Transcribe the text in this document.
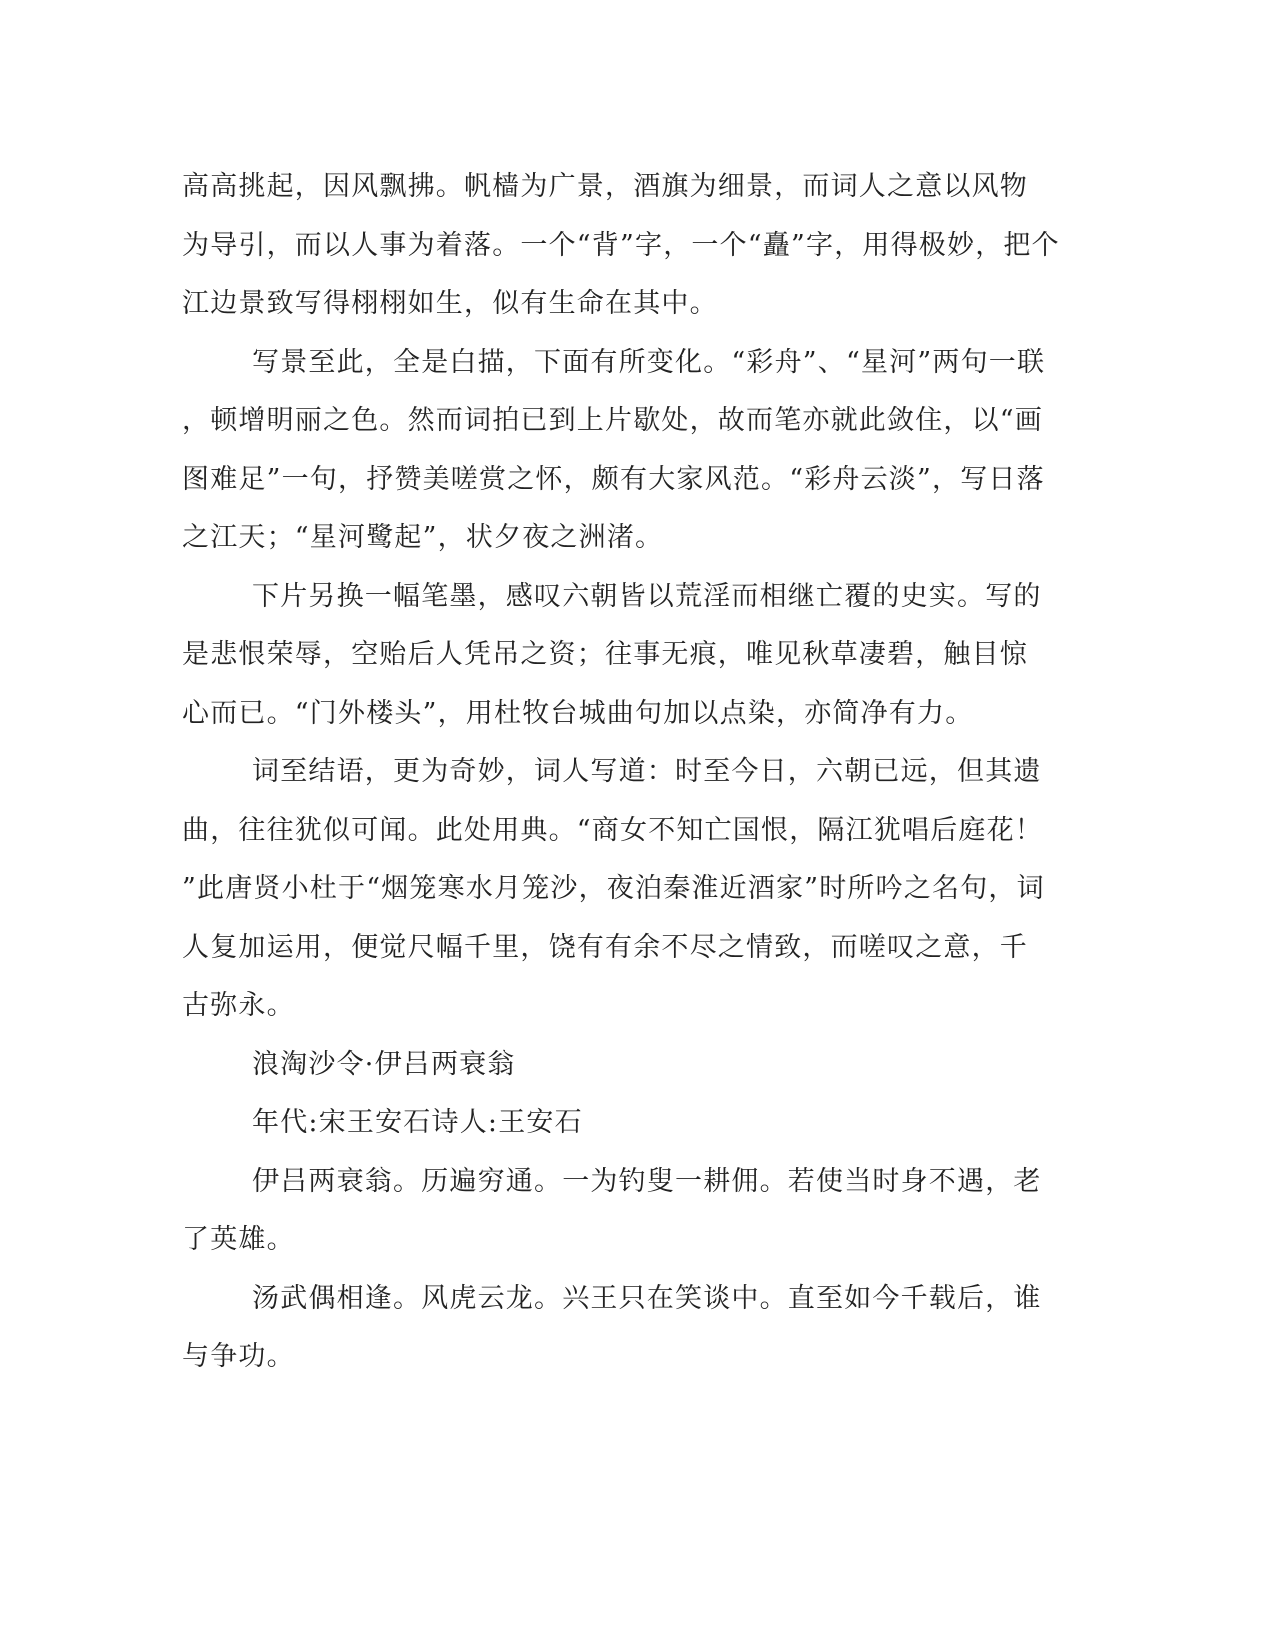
高高挑起，因风飘拂。帆樯为广景，酒旗为细景，而词人之意以风物
为导引，而以人事为着落。一个“背”字，一个“矗”字，用得极妙，把个
江边景致写得栩栩如生，似有生命在其中。
写景至此，全是白描，下面有所变化。“彩舟”、“星河”两句一联
，顿增明丽之色。然而词拍已到上片歇处，故而笔亦就此敛住，以“画
图难足”一句，抒赞美嗟赏之怀，颇有大家风范。“彩舟云淡”，写日落
之江天；“星河鹭起”，状夕夜之洲渚。
下片另换一幅笔墨，感叹六朝皆以荒淫而相继亡覆的史实。写的
是悲恨荣辱，空贻后人凭吊之资；往事无痕，唯见秋草凄碧，触目惊
心而已。“门外楼头”，用杜牧台城曲句加以点染，亦简净有力。
词至结语，更为奇妙，词人写道：时至今日，六朝已远，但其遗
曲，往往犹似可闻。此处用典。“商女不知亡国恨，隔江犹唱后庭花！
”此唐贤小杜于“烟笼寒水月笼沙，夜泊秦淮近酒家”时所吟之名句，词
人复加运用，便觉尺幅千里，饶有有余不尽之情致，而嗟叹之意，千
古弥永。
浪淘沙令·伊吕两衰翁
年代:宋王安石诗人:王安石
伊吕两衰翁。历遍穷通。一为钓叟一耕佣。若使当时身不遇，老
了英雄。
汤武偶相逢。风虎云龙。兴王只在笑谈中。直至如今千载后，谁
与争功。
